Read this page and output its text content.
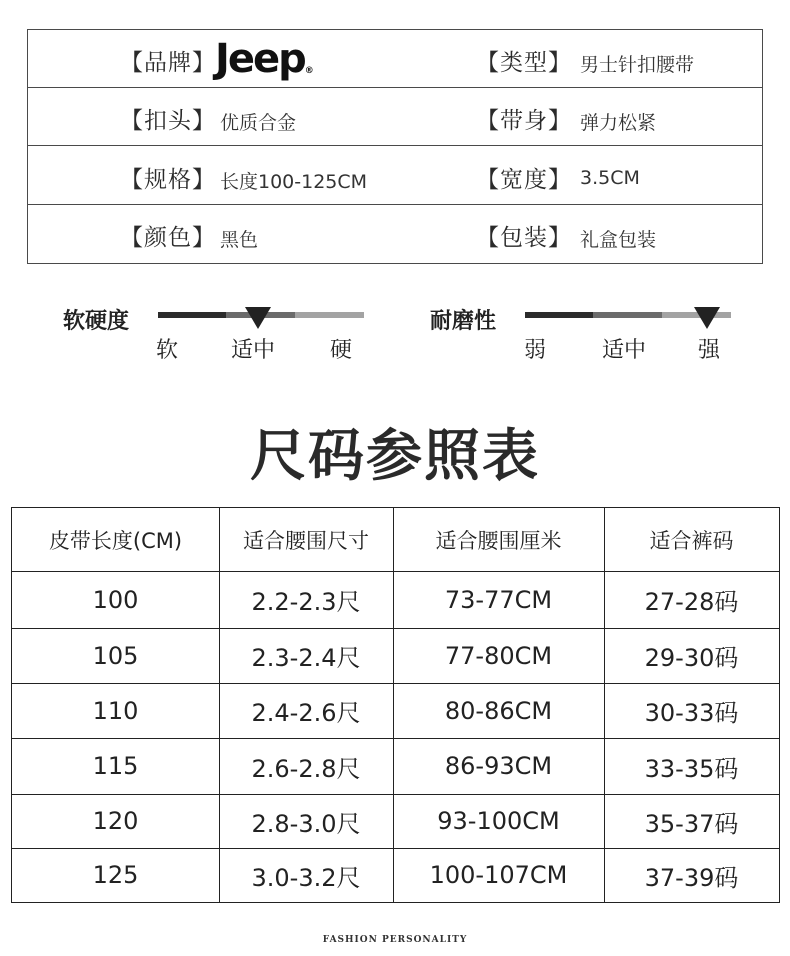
【品牌】 Jeep®	【类型】 男士针扣腰带
【扣头】 优质合金	【带身】 弹力松紧
【规格】 长度100-125CM	【宽度】 3.5CM
【颜色】 黑色	【包装】 礼盒包装
软硬度
软 适中 硬
耐磨性
弱	适中 强
尺码参照表
皮带长度(CM)	适合腰围尺寸	适合腰围厘米	适合裤码
100	2.2-2.3尺	73-77CM	27-28码
105	2.3-2.4尺	77-80CM	29-30码
110	2.4-2.6尺	80-86CM	30-33码
115	2.6-2.8尺	86-93CM	33-35码
120	2.8-3.0尺	93-100CM	35-37码
125	3.0-3.2尺	100-107CM	37-39码
FASHION PERSONALITY
